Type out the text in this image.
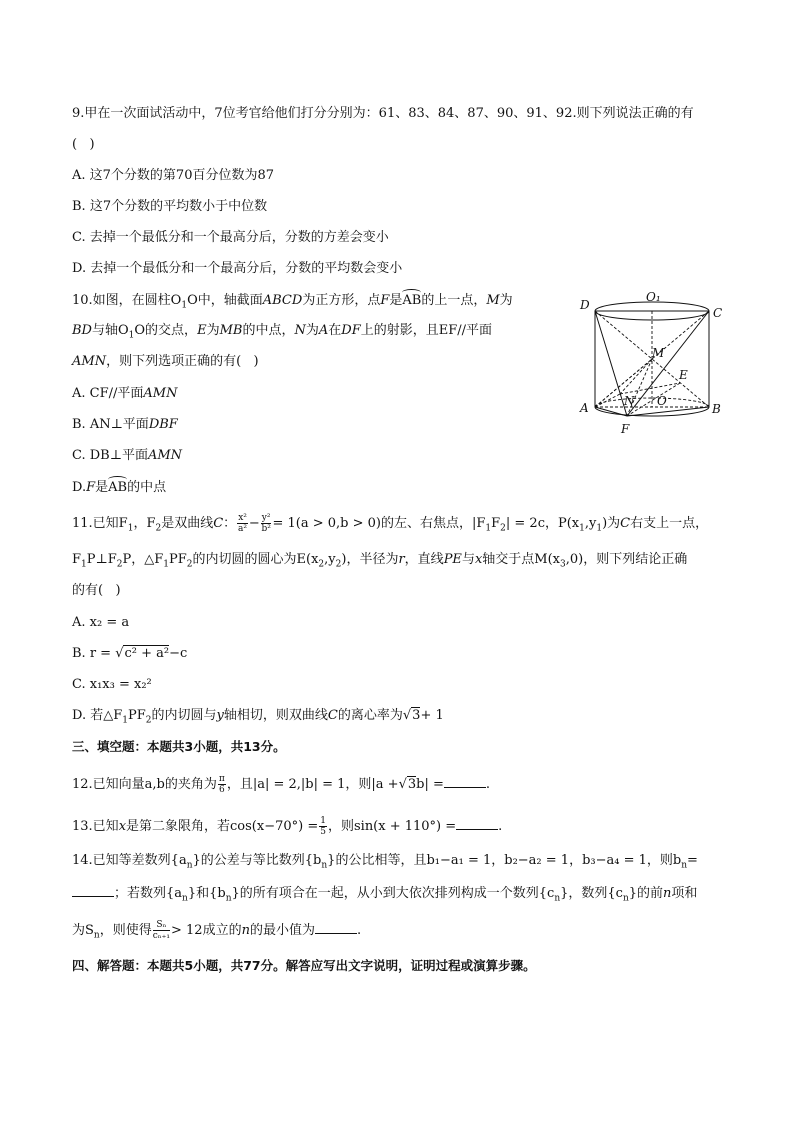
9.甲在一次面试活动中，7位考官给他们打分分别为：61、83、84、87、90、91、92.则下列说法正确的有
(   )
A. 这7个分数的第70百分位数为87
B. 这7个分数的平均数小于中位数
C. 去掉一个最低分和一个最高分后，分数的方差会变小
D. 去掉一个最低分和一个最高分后，分数的平均数会变小
10.如图，在圆柱$O_1O$中，轴截面ABCD为正方形，点F是AB的上一点，M为
BD与轴$O_1O$的交点，E为MB的中点，N为A在DF上的射影，且EF//平面
AMN，则下列选项正确的有(   )
A. CF//平面AMN
B. AN⊥平面DBF
C. DB⊥平面AMN
D.F是AB的中点
D
O₁
C
M
E
A	N O
B
F
11.已知$F_1$，$F_2$是双曲线C： $\frac{\text{x²}}{\text{a²}} - \frac{\text{y²}}{\text{b²}} = 1(a > 0,b > 0)$的左、右焦点，$|F_1F_2| = 2c$，$P(x_1,y_1)$为C右支上一点，
$F_1P\perp F_2P$，$\triangle F_1PF_2$的内切圆的圆心为$E(x_2,y_2)$，半径为r，直线PE与x轴交于点$M(x_3,0)$，则下列结论正确
的有(   )
A. x₂ = a
B. r = √c² + a²−c
C. x₁x₃ = x₂²
D. 若$\triangle F_1PF_2$的内切圆与y轴相切，则双曲线C的离心率为√3+ 1
三、填空题：本题共3小题，共13分。
12.已知向量a,b的夹角为 $\frac{\pi}{6}$ ，且|a| = 2,|b| = 1，则|a +√3b| =	.
13.已知x是第二象限角，若$\cos(x-70^\circ) = \frac{1}{5}$ ，则sin(x + 110°) =	.
14.已知等差数列$\{a_n\}$的公差与等比数列$\{b_n\}$的公比相等，且b₁−a₁ = 1，b₂−a₂ = 1，b₃−a₄ = 1，则$b_n=$
；若数列$\{a_n\}$和$\{b_n\}$的所有项合在一起，从小到大依次排列构成一个数列$\{c_n\}$，数列$\{c_n\}$的前n项和
为$S_n$，则使得 $\frac{\text{Sₙ}}{\text{cₙ₊₁}} > 12$成立的n的最小值为	.
四、解答题：本题共5小题，共77分。解答应写出文字说明，证明过程或演算步骤。
